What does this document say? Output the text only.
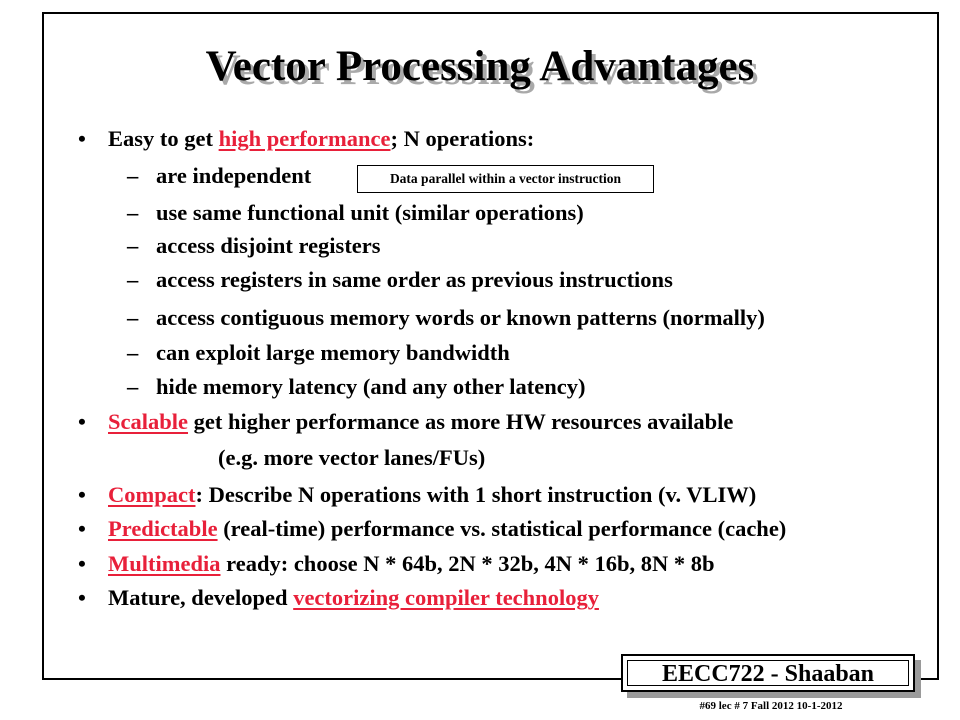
Vector Processing Advantages
• Easy to get high performance; N operations:
– are independent	Data parallel within a vector instruction
– use same functional unit (similar operations)
– access disjoint registers
– access registers in same order as previous instructions
– access contiguous memory words or known patterns (normally)
– can exploit large memory bandwidth
– hide memory latency (and any other latency)
• Scalable get higher performance as more HW resources available
(e.g. more vector lanes/FUs)
• Compact: Describe N operations with 1 short instruction (v. VLIW)
• Predictable (real-time) performance vs. statistical performance (cache)
• Multimedia ready: choose N * 64b, 2N * 32b, 4N * 16b, 8N * 8b
• Mature, developed vectorizing compiler technology
EECC722 - Shaaban
#69 lec # 7 Fall 2012 10-1-2012
